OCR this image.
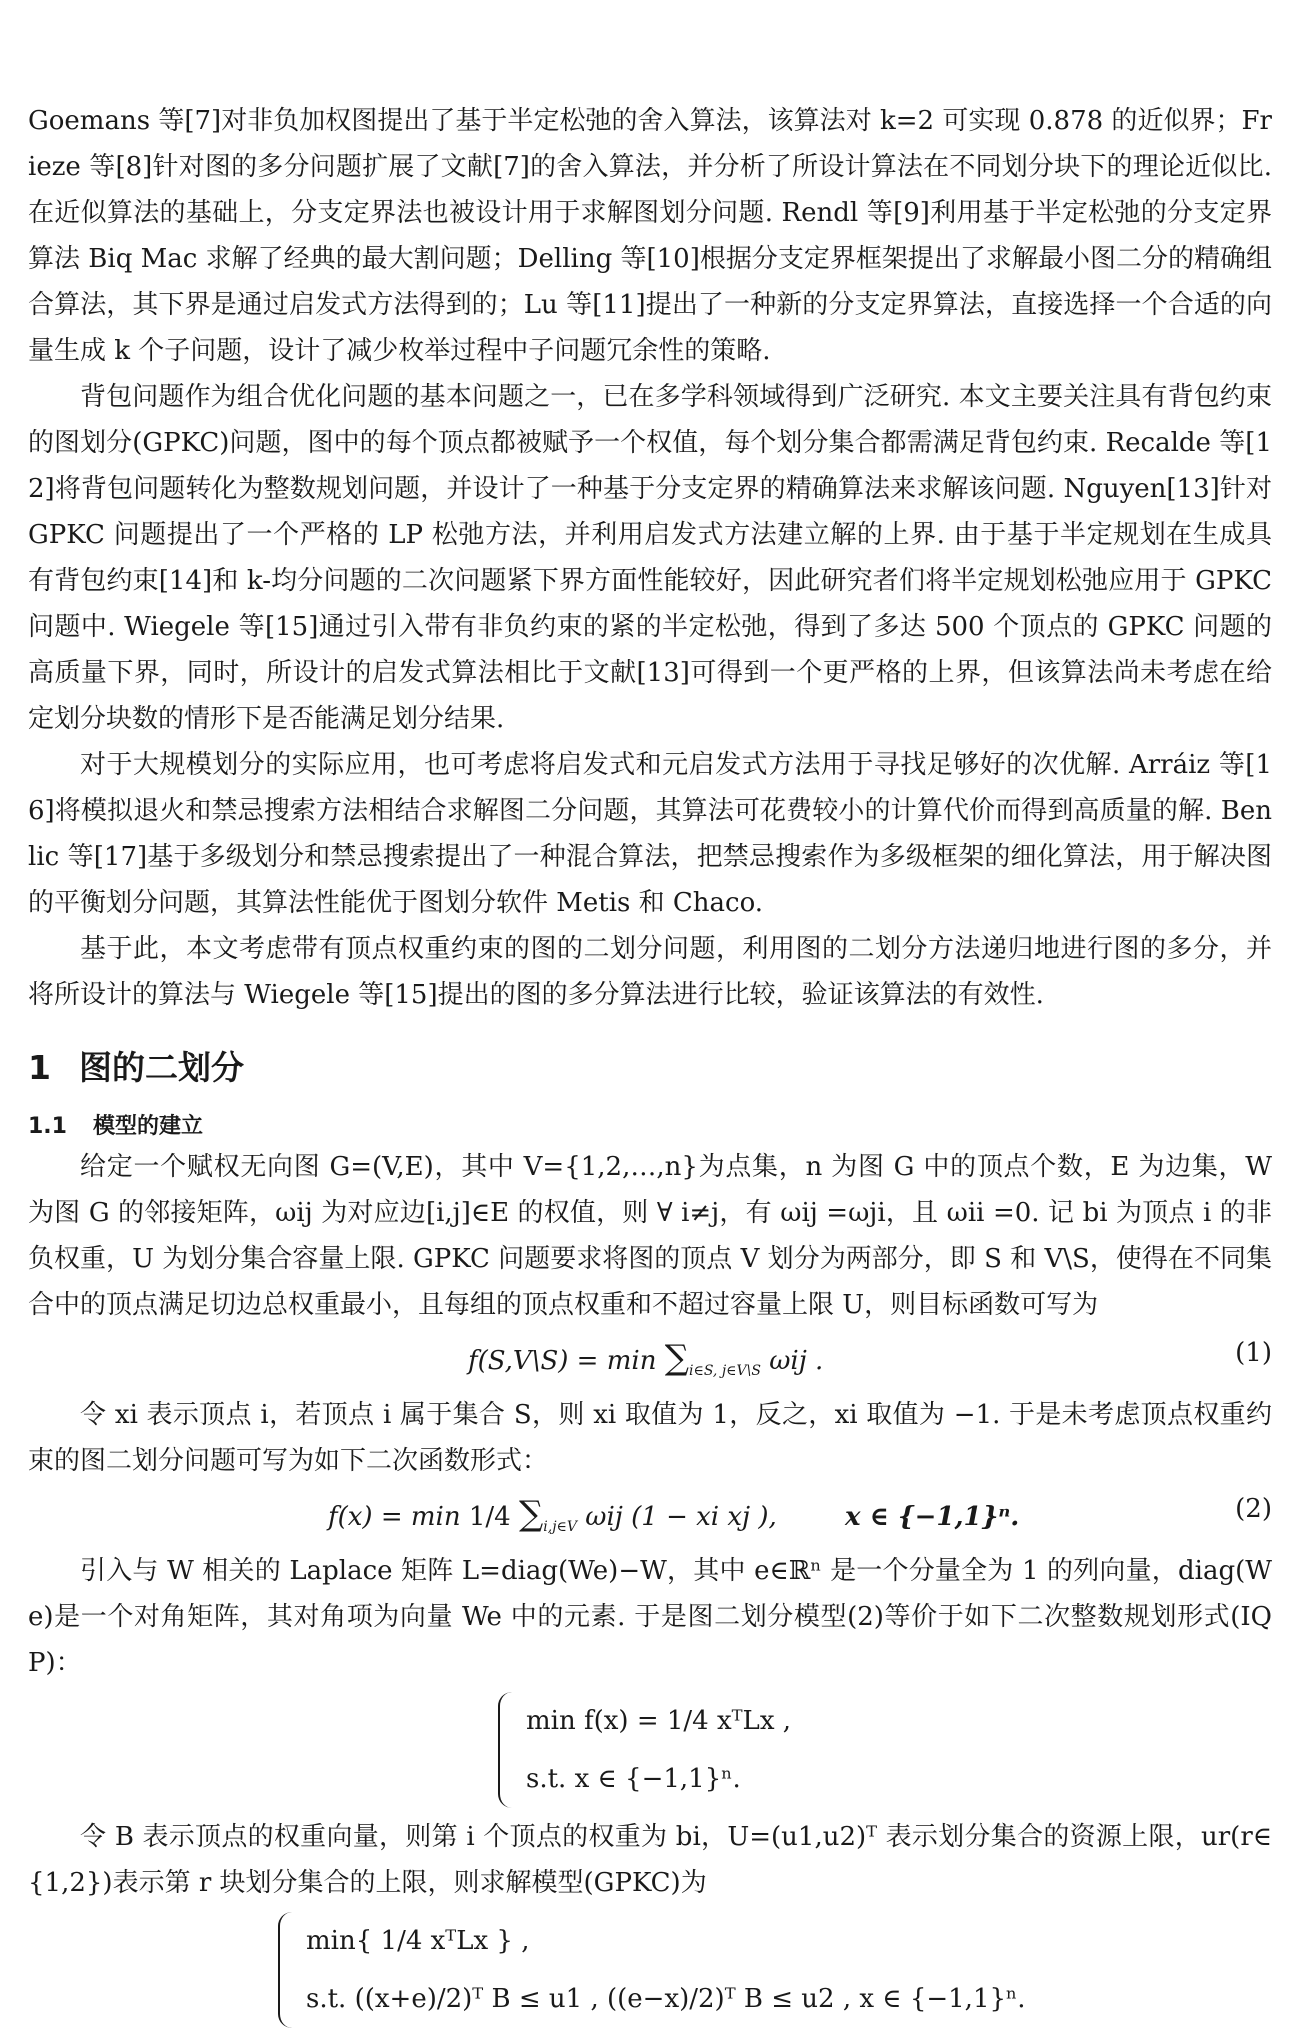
Goemans 等[7]对非负加权图提出了基于半定松弛的舍入算法，该算法对 k=2 可实现 0.878 的近似界；Frieze 等[8]针对图的多分问题扩展了文献[7]的舍入算法，并分析了所设计算法在不同划分块下的理论近似比. 在近似算法的基础上，分支定界法也被设计用于求解图划分问题. Rendl 等[9]利用基于半定松弛的分支定界算法 Biq Mac 求解了经典的最大割问题；Delling 等[10]根据分支定界框架提出了求解最小图二分的精确组合算法，其下界是通过启发式方法得到的；Lu 等[11]提出了一种新的分支定界算法，直接选择一个合适的向量生成 k 个子问题，设计了减少枚举过程中子问题冗余性的策略.

背包问题作为组合优化问题的基本问题之一，已在多学科领域得到广泛研究. 本文主要关注具有背包约束的图划分(GPKC)问题，图中的每个顶点都被赋予一个权值，每个划分集合都需满足背包约束. Recalde 等[12]将背包问题转化为整数规划问题，并设计了一种基于分支定界的精确算法来求解该问题. Nguyen[13]针对 GPKC 问题提出了一个严格的 LP 松弛方法，并利用启发式方法建立解的上界. 由于基于半定规划在生成具有背包约束[14]和 k-均分问题的二次问题紧下界方面性能较好，因此研究者们将半定规划松弛应用于 GPKC 问题中. Wiegele 等[15]通过引入带有非负约束的紧的半定松弛，得到了多达 500 个顶点的 GPKC 问题的高质量下界，同时，所设计的启发式算法相比于文献[13]可得到一个更严格的上界，但该算法尚未考虑在给定划分块数的情形下是否能满足划分结果.

对于大规模划分的实际应用，也可考虑将启发式和元启发式方法用于寻找足够好的次优解. Arráiz 等[16]将模拟退火和禁忌搜索方法相结合求解图二分问题，其算法可花费较小的计算代价而得到高质量的解. Benlic 等[17]基于多级划分和禁忌搜索提出了一种混合算法，把禁忌搜索作为多级框架的细化算法，用于解决图的平衡划分问题，其算法性能优于图划分软件 Metis 和 Chaco.

基于此，本文考虑带有顶点权重约束的图的二划分问题，利用图的二划分方法递归地进行图的多分，并将所设计的算法与 Wiegele 等[15]提出的图的多分算法进行比较，验证该算法的有效性.

1 图的二划分
1.1 模型的建立

给定一个赋权无向图 G=(V,E)，其中 V={1,2,…,n}为点集，n 为图 G 中的顶点个数，E 为边集，W 为图 G 的邻接矩阵，ωij 为对应边[i,j]∈E 的权值，则 ∀ i≠j，有 ωij =ωji，且 ωii =0. 记 bi 为顶点 i 的非负权重，U 为划分集合容量上限. GPKC 问题要求将图的顶点 V 划分为两部分，即 S 和 V\S，使得在不同集合中的顶点满足切边总权重最小，且每组的顶点权重和不超过容量上限 U，则目标函数可写为

f(S,V\S) = $\min \sum_{i\in S, j\in V\backslash S}$ ωij .	(1)

令 xi 表示顶点 i，若顶点 i 属于集合 S，则 xi 取值为 1，反之，xi 取值为 −1. 于是未考虑顶点权重约束的图二划分问题可写为如下二次函数形式：

f(x) = min 1/4 $\sum_{i,j\in V}$ ωij (1 − xi xj ),	x ∈ {−1,1}ⁿ.	(2)

引入与 W 相关的 Laplace 矩阵 L=diag(We)−W，其中 e∈ℝⁿ 是一个分量全为 1 的列向量，diag(We)是一个对角矩阵，其对角项为向量 We 中的元素. 于是图二划分模型(2)等价于如下二次整数规划形式(IQP)：

min f(x) = 1/4 xᵀLx ,
s.t. x ∈ {−1,1}ⁿ.

令 B 表示顶点的权重向量，则第 i 个顶点的权重为 bi，U=(u1,u2)ᵀ 表示划分集合的资源上限，ur(r∈{1,2})表示第 r 块划分集合的上限，则求解模型(GPKC)为

min{ 1/4 xᵀLx } ,
s.t. ((x+e)/2)ᵀ B ≤ u1 , ((e−x)/2)ᵀ B ≤ u2 , x ∈ {−1,1}ⁿ.
